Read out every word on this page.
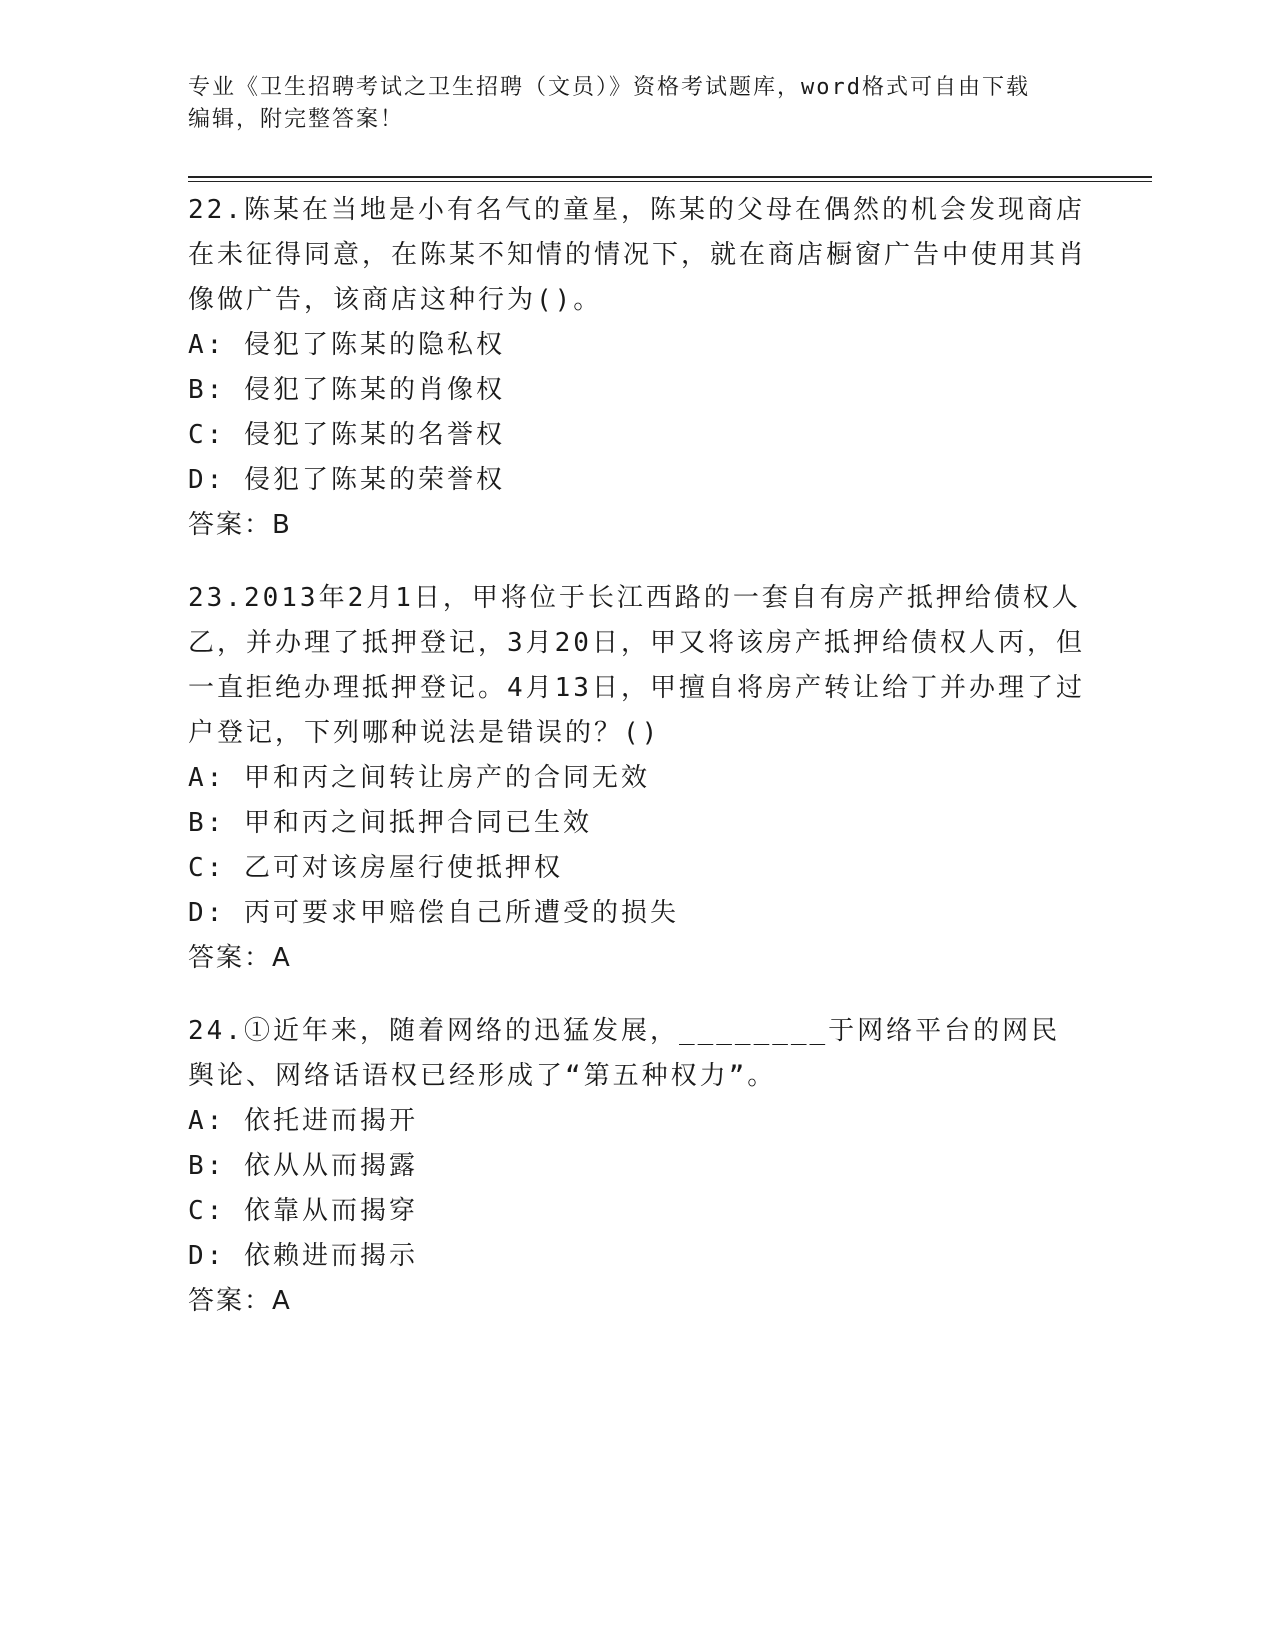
专业《卫生招聘考试之卫生招聘（文员）》资格考试题库，word格式可自由下载
编辑，附完整答案！

22.陈某在当地是小有名气的童星，陈某的父母在偶然的机会发现商店在未征得同意，在陈某不知情的情况下，就在商店橱窗广告中使用其肖像做广告，该商店这种行为()。

A: 侵犯了陈某的隐私权

B: 侵犯了陈某的肖像权

C: 侵犯了陈某的名誉权

D: 侵犯了陈某的荣誉权

答案：B

23.2013年2月1日，甲将位于长江西路的一套自有房产抵押给债权人乙，并办理了抵押登记，3月20日，甲又将该房产抵押给债权人丙，但一直拒绝办理抵押登记。4月13日，甲擅自将房产转让给丁并办理了过户登记，下列哪种说法是错误的？()

A: 甲和丙之间转让房产的合同无效

B: 甲和丙之间抵押合同已生效

C: 乙可对该房屋行使抵押权

D: 丙可要求甲赔偿自己所遭受的损失

答案：A

24.①近年来，随着网络的迅猛发展，________于网络平台的网民舆论、网络话语权已经形成了“第五种权力”。

A: 依托进而揭开

B: 依从从而揭露

C: 依靠从而揭穿

D: 依赖进而揭示

答案：A
